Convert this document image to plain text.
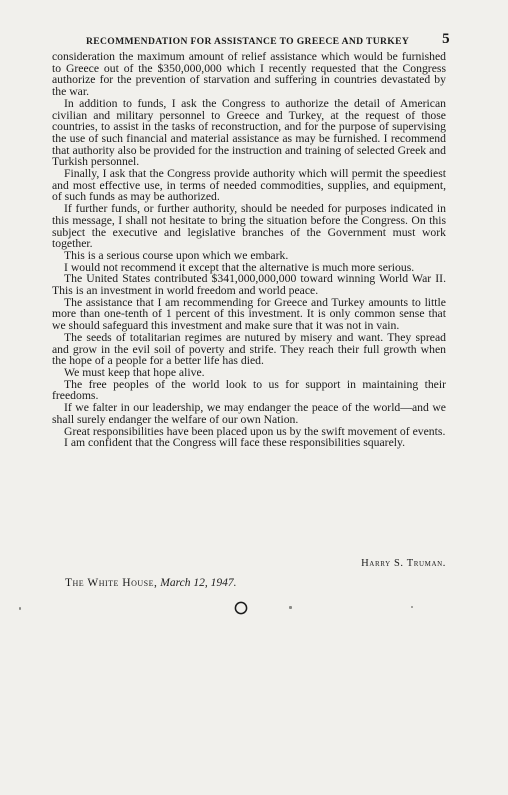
RECOMMENDATION FOR ASSISTANCE TO GREECE AND TURKEY 5

consideration the maximum amount of relief assistance which would be furnished to Greece out of the $350,000,000 which I recently requested that the Congress authorize for the prevention of starvation and suffering in countries devastated by the war.

In addition to funds, I ask the Congress to authorize the detail of American civilian and military personnel to Greece and Turkey, at the request of those countries, to assist in the tasks of reconstruction, and for the purpose of supervising the use of such financial and material assistance as may be furnished. I recommend that authority also be provided for the instruction and training of selected Greek and Turkish personnel.

Finally, I ask that the Congress provide authority which will permit the speediest and most effective use, in terms of needed commodities, supplies, and equipment, of such funds as may be authorized.

If further funds, or further authority, should be needed for purposes indicated in this message, I shall not hesitate to bring the situation before the Congress. On this subject the executive and legislative branches of the Government must work together.

This is a serious course upon which we embark.

I would not recommend it except that the alternative is much more serious.

The United States contributed $341,000,000,000 toward winning World War II. This is an investment in world freedom and world peace.

The assistance that I am recommending for Greece and Turkey amounts to little more than one-tenth of 1 percent of this investment. It is only common sense that we should safeguard this investment and make sure that it was not in vain.

The seeds of totalitarian regimes are nutured by misery and want. They spread and grow in the evil soil of poverty and strife. They reach their full growth when the hope of a people for a better life has died.

We must keep that hope alive.

The free peoples of the world look to us for support in maintaining their freedoms.

If we falter in our leadership, we may endanger the peace of the world—and we shall surely endanger the welfare of our own Nation.

Great responsibilities have been placed upon us by the swift movement of events.

I am confident that the Congress will face these responsibilities squarely.

Harry S. Truman.
The White House, March 12, 1947.
